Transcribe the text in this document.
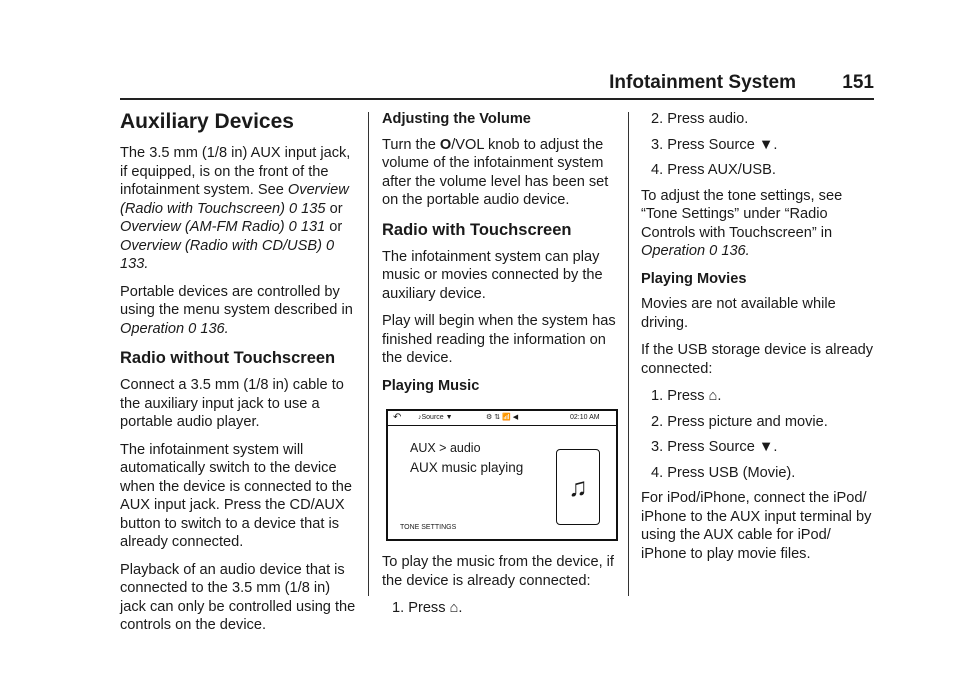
Infotainment System 151
Auxiliary Devices

The 3.5 mm (1/8 in) AUX input jack, if equipped, is on the front of the infotainment system. See Overview (Radio with Touchscreen) 0 135 or Overview (AM-FM Radio) 0 131 or Overview (Radio with CD/USB) 0 133.

Portable devices are controlled by using the menu system described in Operation 0 136.

Radio without Touchscreen

Connect a 3.5 mm (1/8 in) cable to the auxiliary input jack to use a portable audio player.

The infotainment system will automatically switch to the device when the device is connected to the AUX input jack. Press the CD/AUX button to switch to a device that is already connected.

Playback of an audio device that is connected to the 3.5 mm (1/8 in) jack can only be controlled using the controls on the device.

Adjusting the Volume

Turn the O/VOL knob to adjust the volume of the infotainment system after the volume level has been set on the portable audio device.

Radio with Touchscreen

The infotainment system can play music or movies connected by the auxiliary device.

Play will begin when the system has finished reading the information on the device.

Playing Music
↶ ♪Source ▼	⚙ ⇅ 📶 ◀	02:10 AM
AUX > audio
AUX music playing
♫
TONE SETTINGS

To play the music from the device, if the device is already connected:

1. Press ⌂.
2. Press audio.
3. Press Source ▼.
4. Press AUX/USB.

To adjust the tone settings, see “Tone Settings” under “Radio Controls with Touchscreen” in Operation 0 136.

Playing Movies

Movies are not available while driving.

If the USB storage device is already connected:

1. Press ⌂.
2. Press picture and movie.
3. Press Source ▼.
4. Press USB (Movie).

For iPod/iPhone, connect the iPod/ iPhone to the AUX input terminal by using the AUX cable for iPod/ iPhone to play movie files.
